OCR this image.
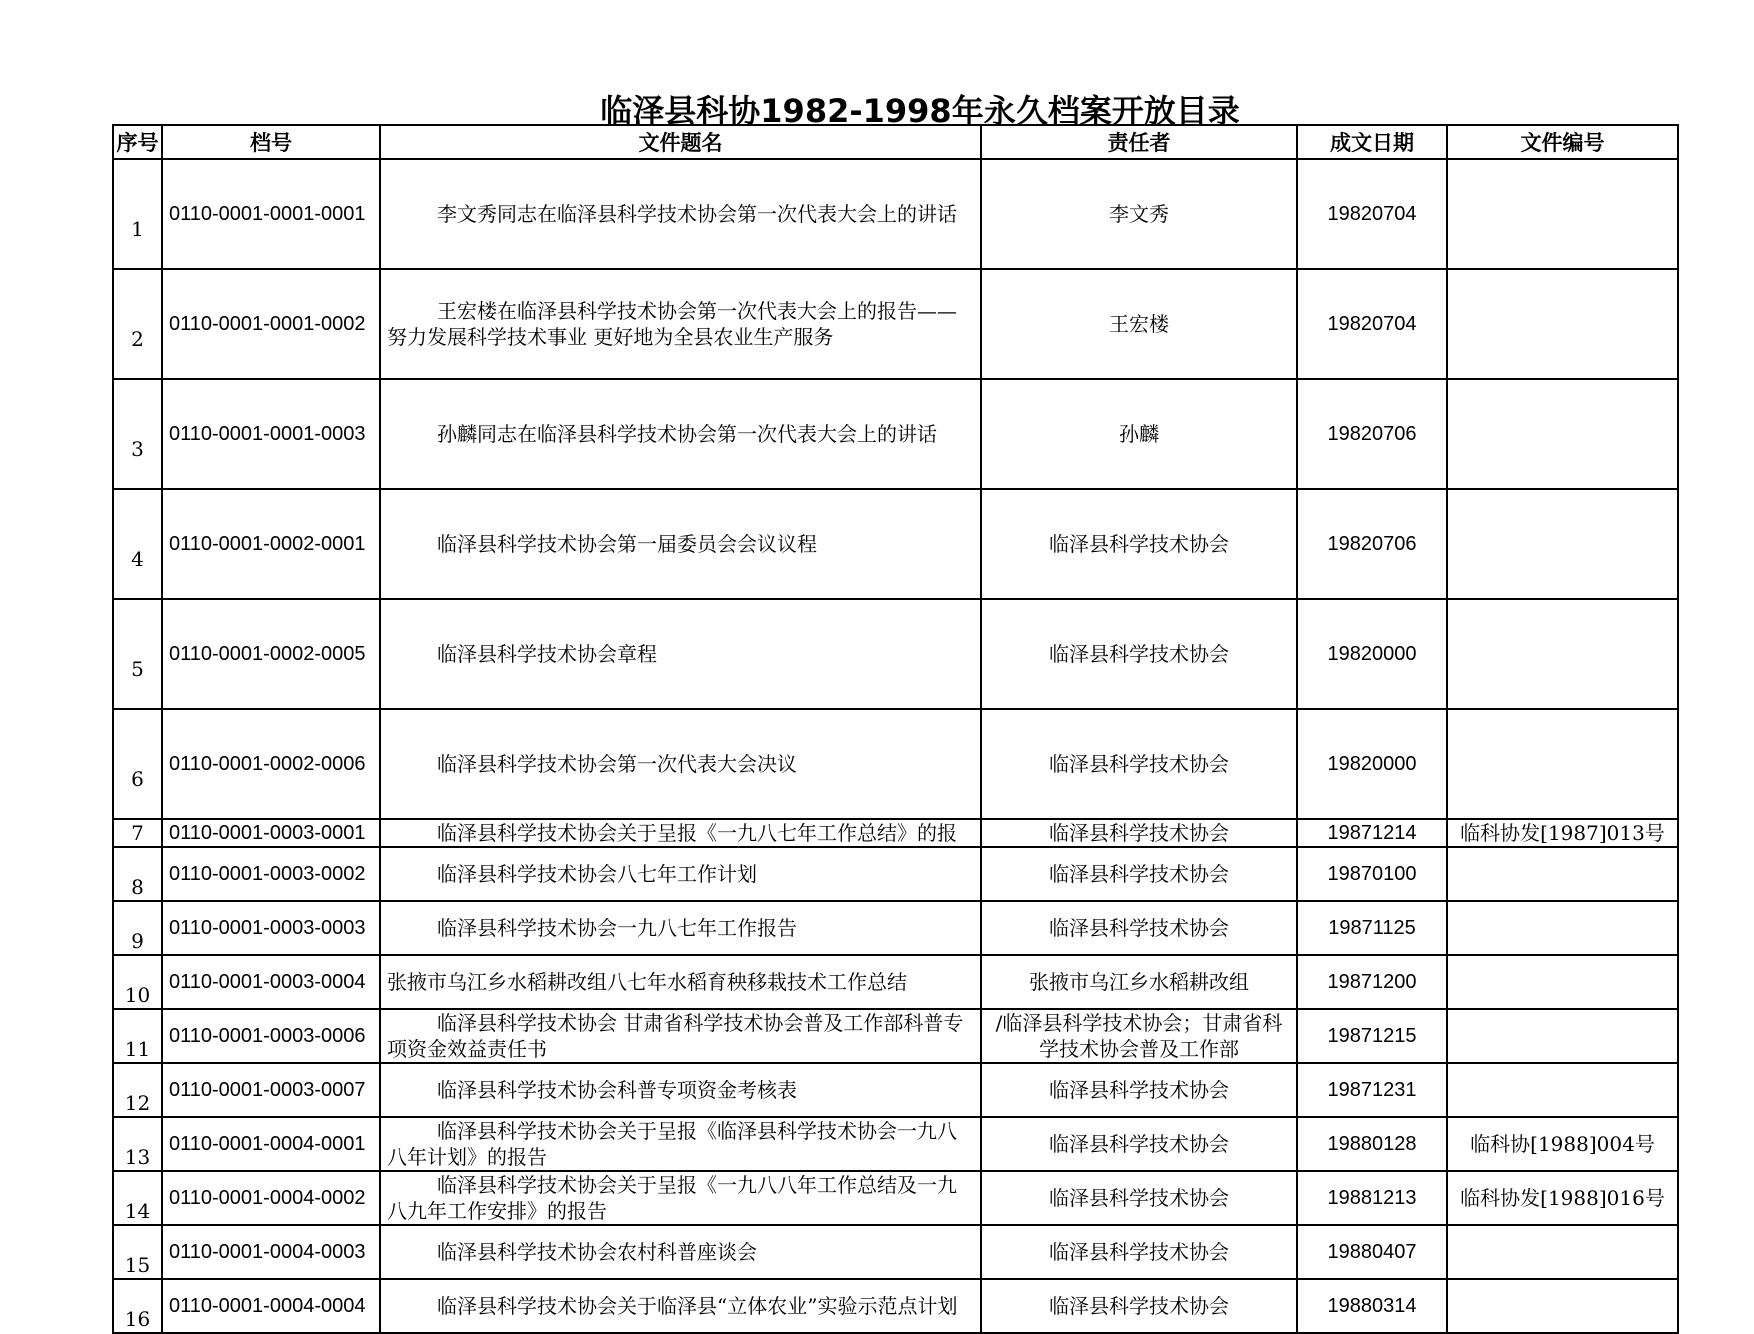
临泽县科协1982-1998年永久档案开放目录
序号	档号	文件题名	责任者	成文日期	文件编号
1	0110-0001-0001-0001	李文秀同志在临泽县科学技术协会第一次代表大会上的讲话	李文秀	19820704	
2	0110-0001-0001-0002	王宏楼在临泽县科学技术协会第一次代表大会上的报告——努力发展科学技术事业 更好地为全县农业生产服务	王宏楼	19820704	
3	0110-0001-0001-0003	孙麟同志在临泽县科学技术协会第一次代表大会上的讲话	孙麟	19820706	
4	0110-0001-0002-0001	临泽县科学技术协会第一届委员会会议议程	临泽县科学技术协会	19820706	
5	0110-0001-0002-0005	临泽县科学技术协会章程	临泽县科学技术协会	19820000	
6	0110-0001-0002-0006	临泽县科学技术协会第一次代表大会决议	临泽县科学技术协会	19820000	
7	0110-0001-0003-0001	临泽县科学技术协会关于呈报《一九八七年工作总结》的报	临泽县科学技术协会	19871214	临科协发[1987]013号
8	0110-0001-0003-0002	临泽县科学技术协会八七年工作计划	临泽县科学技术协会	19870100	
9	0110-0001-0003-0003	临泽县科学技术协会一九八七年工作报告	临泽县科学技术协会	19871125	
10	0110-0001-0003-0004	张掖市乌江乡水稻耕改组八七年水稻育秧移栽技术工作总结	张掖市乌江乡水稻耕改组	19871200	
11	0110-0001-0003-0006	临泽县科学技术协会 甘肃省科学技术协会普及工作部科普专项资金效益责任书	/临泽县科学技术协会；甘肃省科学技术协会普及工作部	19871215	
12	0110-0001-0003-0007	临泽县科学技术协会科普专项资金考核表	临泽县科学技术协会	19871231	
13	0110-0001-0004-0001	临泽县科学技术协会关于呈报《临泽县科学技术协会一九八八年计划》的报告	临泽县科学技术协会	19880128	临科协[1988]004号
14	0110-0001-0004-0002	临泽县科学技术协会关于呈报《一九八八年工作总结及一九八九年工作安排》的报告	临泽县科学技术协会	19881213	临科协发[1988]016号
15	0110-0001-0004-0003	临泽县科学技术协会农村科普座谈会	临泽县科学技术协会	19880407	
16	0110-0001-0004-0004	临泽县科学技术协会关于临泽县“立体农业”实验示范点计划	临泽县科学技术协会	19880314	
